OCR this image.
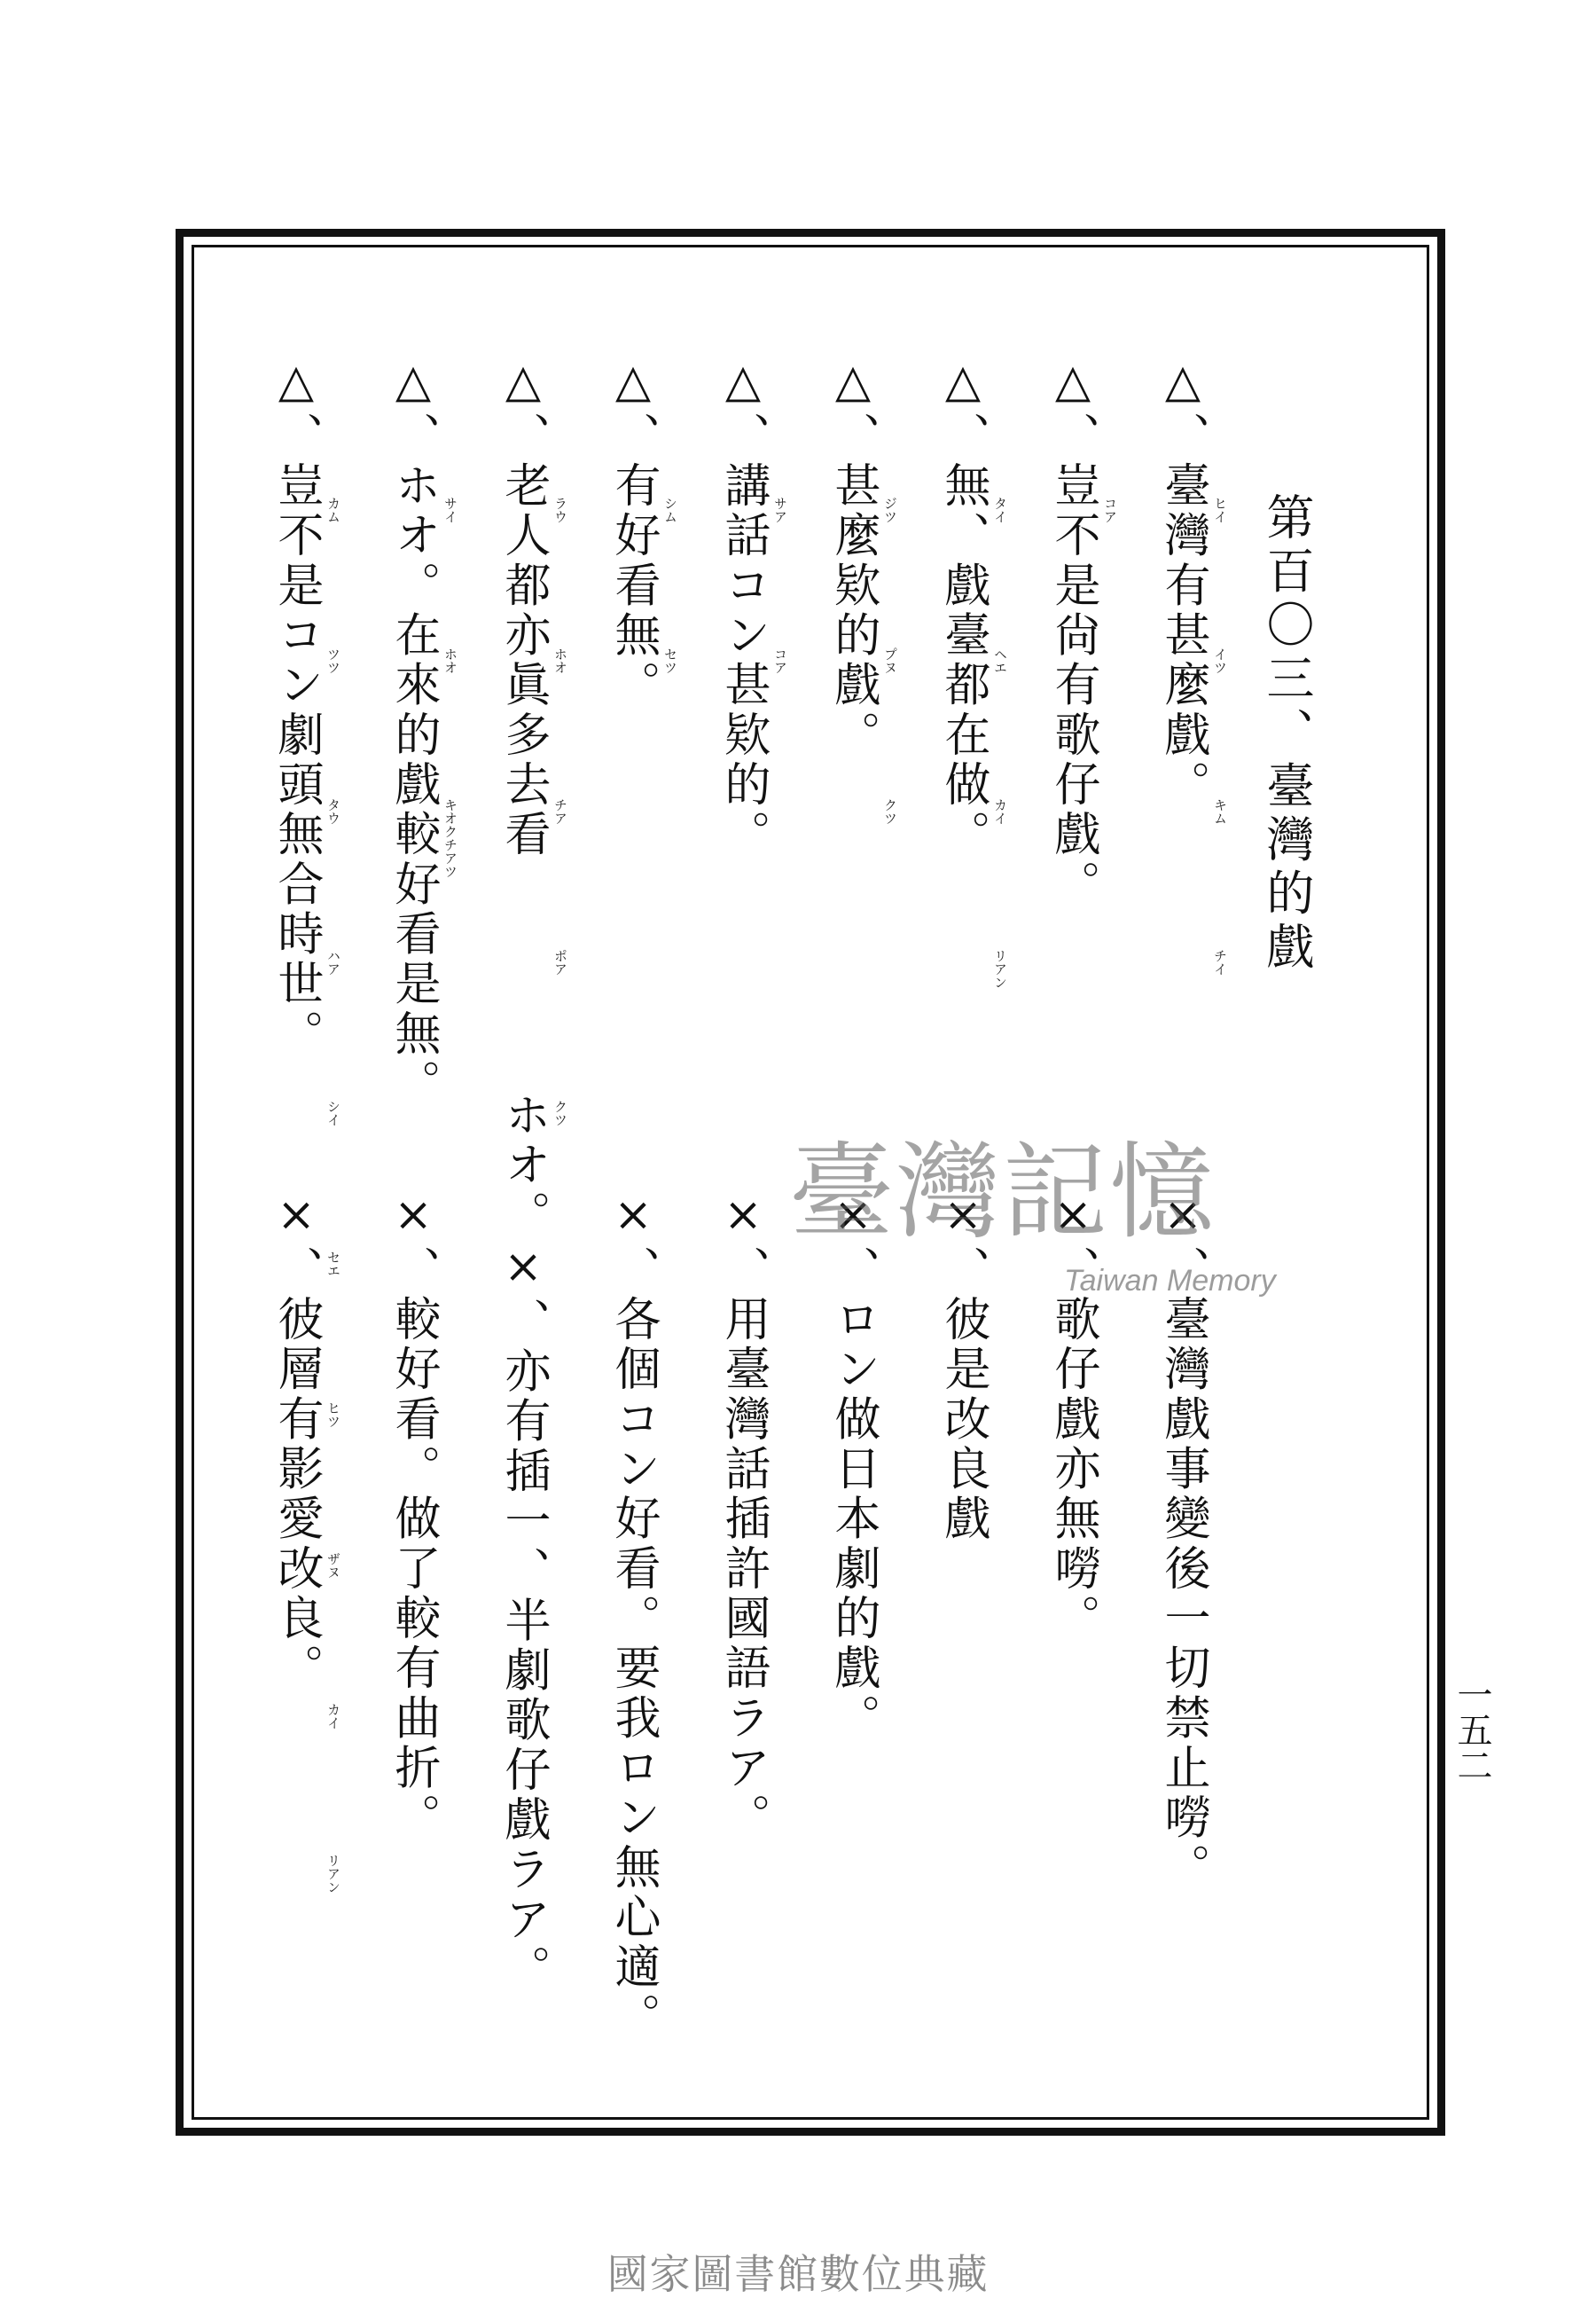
第百〇三、臺灣的戲
△、臺灣有甚麼戲。
△、豈不是尙有歌仔戲。
△、無、戲臺都在做。
△、甚麼欵的戲。
△、講話コン甚欵的。
△、有好看無。
△、老人都亦眞多去看
△、ホオ。在來的戲較好看是無。
△、豈不是コン劇頭無合時世。
×、臺灣戲事變後一切禁止嘮。
×、歌仔戲亦無嘮。
×、彼是改良戲
×、ロン做日本劇的戲。
×、用臺灣話插許國語ラア。
×、各個コン好看。要我ロン無心適。
ホオ。×、亦有插一、半劇歌仔戲ラア。
×、較好看。做了較有曲折。
×、彼層有影愛改良。
ヒイ
イツ
キム
チイ
コア
タイ
ヘエ
カイ
リアン
ジツ
プヌ
クツ
サア
コア
シム
セツ
ラウ
ホオ
チア
ポア
クツ
サイ
ホオ
キオクチアツ
カム
ツツ
タウ
ハア
シイ
セエ
ヒツ
ザヌ
カイ
リアン
一五二
臺灣記憶
Taiwan Memory
國家圖書館數位典藏
